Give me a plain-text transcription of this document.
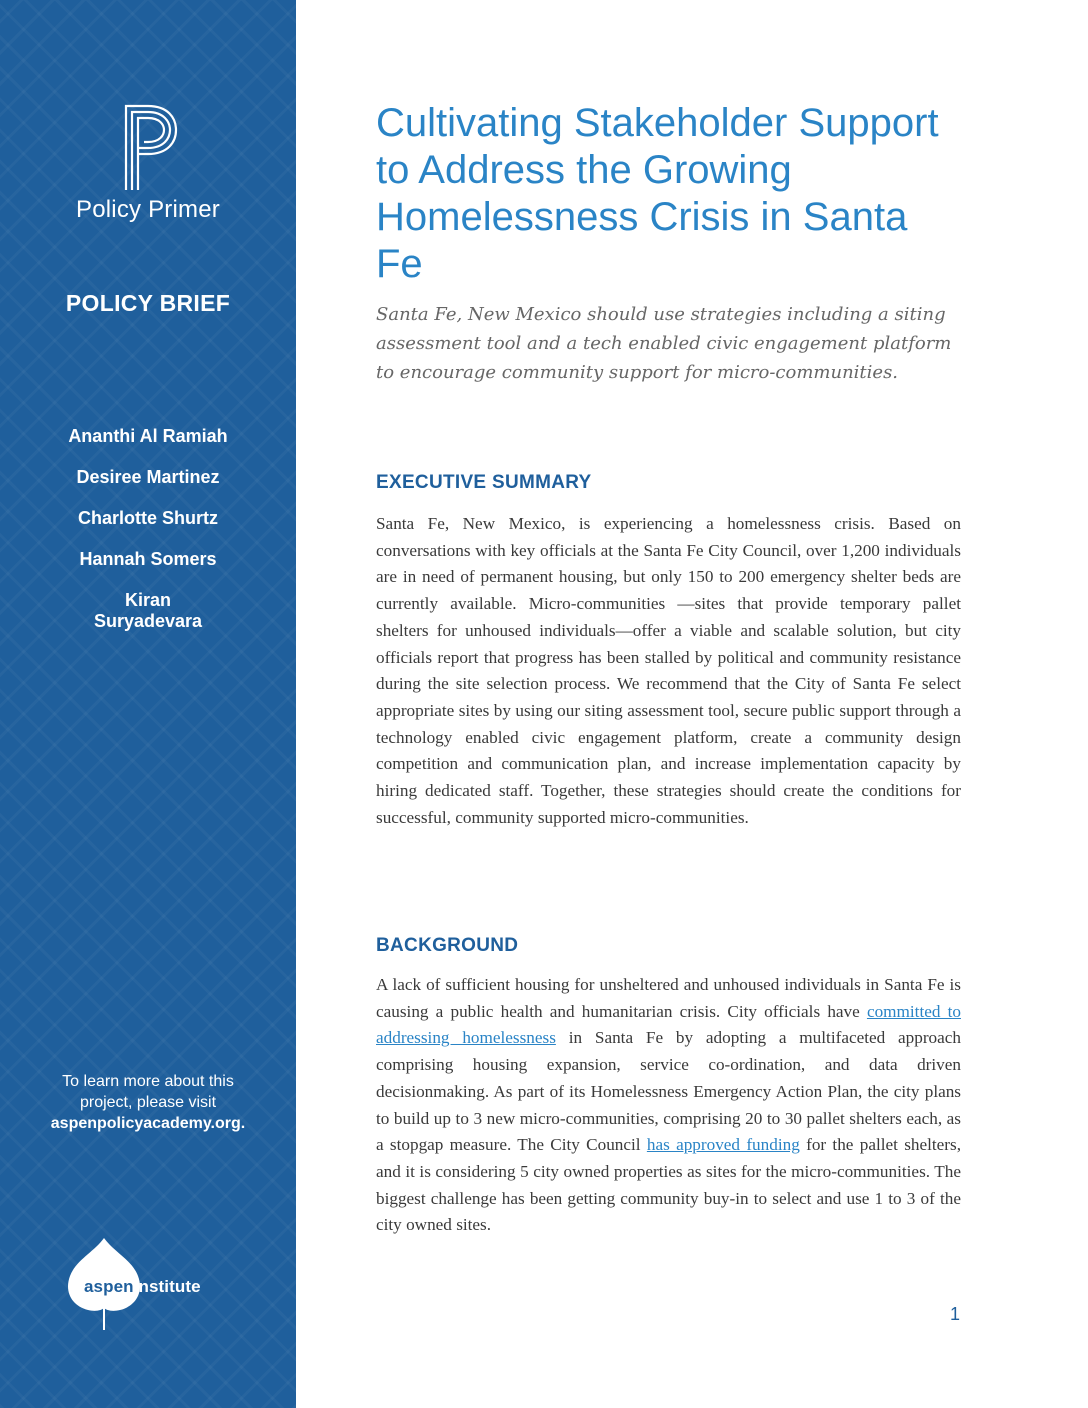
Policy Primer
POLICY BRIEF
Ananthi Al Ramiah
Desiree Martinez
Charlotte Shurtz
Hannah Somers
Kiran Suryadevara
To learn more about this project, please visit
aspenpolicyacademy.org.
aspeninstitute
Cultivating Stakeholder Support to Address the Growing Homelessness Crisis in Santa Fe

Santa Fe, New Mexico should use strategies including a siting assessment tool and a tech enabled civic engagement platform to encourage community support for micro-communities.

EXECUTIVE SUMMARY

Santa Fe, New Mexico, is experiencing a homelessness crisis. Based on conversations with key officials at the Santa Fe City Council, over 1,200 individuals are in need of permanent housing, but only 150 to 200 emergency shelter beds are currently available. Micro-communities —sites that provide temporary pallet shelters for unhoused individuals—offer a viable and scalable solution, but city officials report that progress has been stalled by political and community resistance during the site selection process. We recommend that the City of Santa Fe select appropriate sites by using our siting assessment tool, secure public support through a technology enabled civic engagement platform, create a community design competition and communication plan, and increase implementation capacity by hiring dedicated staff. Together, these strategies should create the conditions for successful, community supported micro-communities.

BACKGROUND

A lack of sufficient housing for unsheltered and unhoused individuals in Santa Fe is causing a public health and humanitarian crisis. City officials have committed to addressing homelessness in Santa Fe by adopting a multifaceted approach comprising housing expansion, service co-ordination, and data driven decisionmaking. As part of its Homelessness Emergency Action Plan, the city plans to build up to 3 new micro-communities, comprising 20 to 30 pallet shelters each, as a stopgap measure. The City Council has approved funding for the pallet shelters, and it is considering 5 city owned properties as sites for the micro-communities. The biggest challenge has been getting community buy-in to select and use 1 to 3 of the city owned sites.

1
